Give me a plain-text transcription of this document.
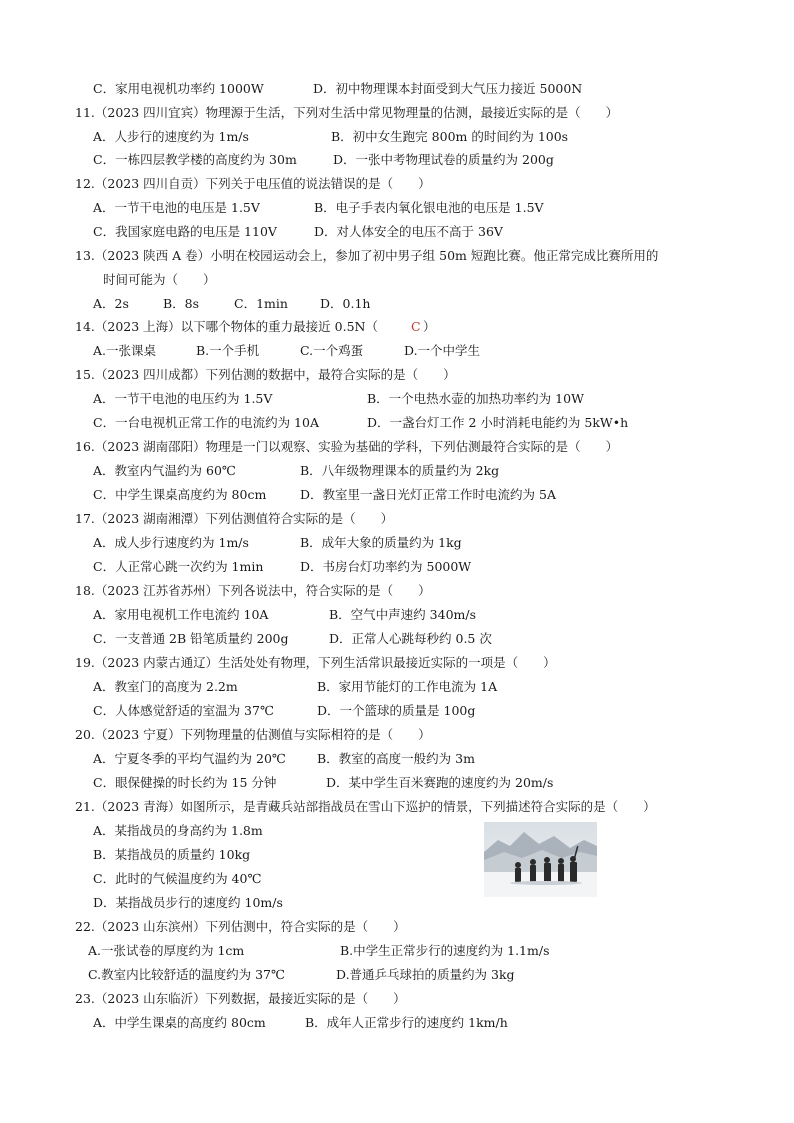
C．家用电视机功率约 1000W	D．初中物理课本封面受到大气压力接近 5000N
11.（2023 四川宜宾）物理源于生活，下列对生活中常见物理量的估测，最接近实际的是（　　）
A．人步行的速度约为 1m/s	B．初中女生跑完 800m 的时间约为 100s
C．一栋四层教学楼的高度约为 30m	D．一张中考物理试卷的质量约为 200g
12.（2023 四川自贡）下列关于电压值的说法错误的是（　　）
A．一节干电池的电压是 1.5V	B．电子手表内氧化银电池的电压是 1.5V
C．我国家庭电路的电压是 110V	D．对人体安全的电压不高于 36V
13.（2023 陕西 A 卷）小明在校园运动会上，参加了初中男子组 50m 短跑比赛。他正常完成比赛所用的
时间可能为（　　）
A．2s	B．8s	C．1min	D．0.1h
14.（2023 上海）以下哪个物体的重力最接近 0.5N（	C ）
A.一张课桌	B.一个手机	C.一个鸡蛋	D.一个中学生
15.（2023 四川成都）下列估测的数据中，最符合实际的是（　　）
A．一节干电池的电压约为 1.5V	B．一个电热水壶的加热功率约为 10W
C．一台电视机正常工作的电流约为 10A	D．一盏台灯工作 2 小时消耗电能约为 5kW•h
16.（2023 湖南邵阳）物理是一门以观察、实验为基础的学科，下列估测最符合实际的是（　　）
A．教室内气温约为 60℃	B．八年级物理课本的质量约为 2kg
C．中学生课桌高度约为 80cm	D．教室里一盏日光灯正常工作时电流约为 5A
17.（2023 湖南湘潭）下列估测值符合实际的是（　　）
A．成人步行速度约为 1m/s	B．成年大象的质量约为 1kg
C．人正常心跳一次约为 1min	D．书房台灯功率约为 5000W
18.（2023 江苏省苏州）下列各说法中，符合实际的是（　　）
A．家用电视机工作电流约 10A	B．空气中声速约 340m/s
C．一支普通 2B 铅笔质量约 200g	D．正常人心跳每秒约 0.5 次
19.（2023 内蒙古通辽）生活处处有物理，下列生活常识最接近实际的一项是（　　）
A．教室门的高度为 2.2m	B．家用节能灯的工作电流为 1A
C．人体感觉舒适的室温为 37℃	D．一个篮球的质量是 100g
20.（2023 宁夏）下列物理量的估测值与实际相符的是（　　）
A．宁夏冬季的平均气温约为 20℃ B．教室的高度一般约为 3m
C．眼保健操的时长约为 15 分钟	D．某中学生百米赛跑的速度约为 20m/s
21.（2023 青海）如图所示，是青藏兵站部指战员在雪山下巡护的情景，下列描述符合实际的是（　　）
A．某指战员的身高约为 1.8m
B．某指战员的质量约 10kg
C．此时的气候温度约为 40℃
D．某指战员步行的速度约 10m/s
22.（2023 山东滨州）下列估测中，符合实际的是（　　）
A.一张试卷的厚度约为 1cm	B.中学生正常步行的速度约为 1.1m/s
C.教室内比较舒适的温度约为 37℃	D.普通乒乓球拍的质量约为 3kg
23.（2023 山东临沂）下列数据，最接近实际的是（　　）
A．中学生课桌的高度约 80cm	B．成年人正常步行的速度约 1km/h
